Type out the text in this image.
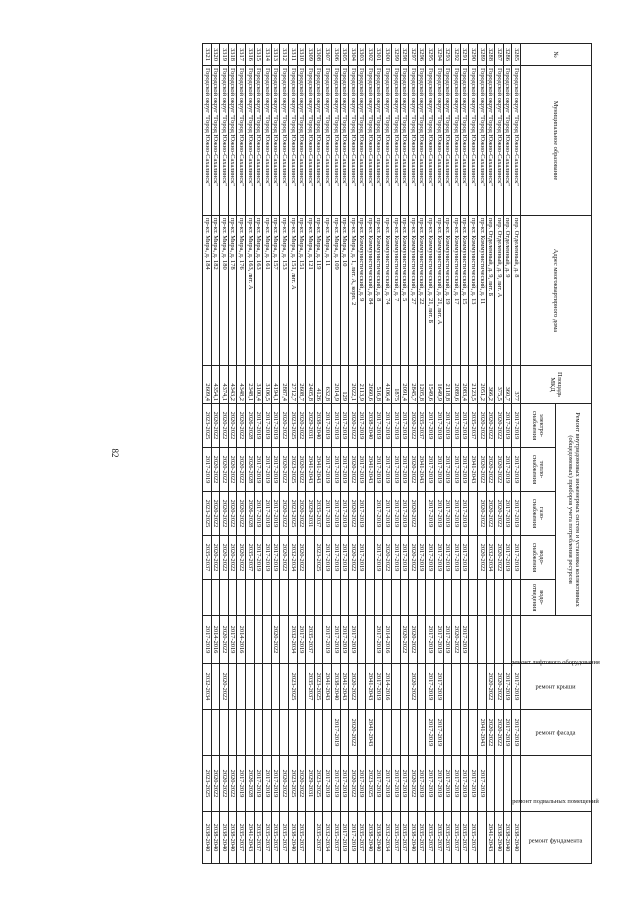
82
№	Муниципальное образование	Адрес многоквартирного дома	Площадь МКД	Ремонт внутридомовых инженерных систем и установка коллективных (общедомовых) приборов учета потребления ресурсов					ремонт лифтового оборудования	ремонт крыши	ремонт фасада	ремонт подвальных помещений	ремонт фундамента
				электро-снабжения	тепло-снабжения	газо-снабжения	водо-снабжения	водо-отведения					
3285	Городской округ "Город Южно-Сахалинск"	пер. Отделенный, д. 8	377	2017-2019	2017-2019	2017-2019	2017-2019			2017-2019	2017-2019		2038-2040
3286	Городской округ "Город Южно-Сахалинск"	пер. Отделенный, д. 9	360,7	2017-2019	2017-2019	2017-2019	2017-2019			2017-2019	2017-2019		2038-2040
3287	Городской округ "Город Южно-Сахалинск"	пер. Отделенный, д. 9, лит. А	375,5	2020-2022	2020-2022	2020-2022	2020-2022			2020-2022	2020-2022		2038-2040
3288	Городской округ "Город Южно-Сахалинск"	пер. Отделенный, д. 9, лит. Б	366,2	2020-2022	2020-2022	2020-2022	2032-2034			2020-2022	2020-2022		2041-2043
3289	Городской округ "Город Южно-Сахалинск"	пр-кт. Коммунистический, д. 11	2051,2	2020-2022	2020-2022	2020-2022	2020-2022				2041-2043	2017-2019	
3290	Городской округ "Город Южно-Сахалинск"	пр-кт. Коммунистический, д. 13	2123,5	2035-2037	2041-2043							2017-2019	2035-2037
3291	Городской округ "Город Южно-Сахалинск"	пр-кт. Коммунистический, д. 15	2083,4	2017-2019	2017-2019	2017-2019	2017-2019		2017-2019			2017-2019	2035-2037
3292	Городской округ "Город Южно-Сахалинск"	пр-кт. Коммунистический, д. 17	2089,6	2017-2019	2017-2019	2017-2019	2017-2019		2020-2022			2017-2019	2035-2037
3293	Городской округ "Город Южно-Сахалинск"	пр-кт. Коммунистический, д. 19	2118,8	2017-2019	2017-2019	2017-2019	2017-2019		2017-2019			2017-2019	2035-2037
3294	Городской округ "Город Южно-Сахалинск"	пр-кт. Коммунистический, д. 21, лит. А	1649,9	2017-2019	2017-2019	2017-2019	2017-2019		2017-2019	2017-2019	2017-2019	2017-2019	2035-2037
3295	Городской округ "Город Южно-Сахалинск"	пр-кт. Коммунистический, д. 21, лит. Б	1549,6	2017-2019	2017-2019	2017-2019	2017-2019		2017-2019	2017-2019	2017-2019	2017-2019	2035-2037
3296	Городской округ "Город Южно-Сахалинск"	пр-кт. Коммунистический, д. 22	1205,8	2035-2037	2041-2043		2017-2019					2017-2019	2035-2037
3297	Городской округ "Город Южно-Сахалинск"	пр-кт. Коммунистический, д. 27	2845,7	2020-2022	2020-2022	2020-2022	2020-2022		2020-2022	2020-2022		2020-2022	2038-2040
3298	Городской округ "Город Южно-Сахалинск"	пр-кт. Коммунистический, д. 5	2091,4	2017-2019	2017-2019	2017-2019	2017-2019		2020-2022			2017-2019	2035-2037
3299	Городской округ "Город Южно-Сахалинск"	пр-кт. Коммунистический, д. 7	1875	2017-2019	2017-2019	2017-2019	2017-2019					2017-2019	2035-2037
3300	Городской округ "Город Южно-Сахалинск"	пр-кт. Коммунистический, д. 74	4106,4	2017-2019	2017-2019	2017-2019	2020-2022		2014-2016	2014-2016		2017-2019	2032-2034
3301	Городской округ "Город Южно-Сахалинск"	пр-кт. Коммунистический, д. 8	516,8	2017-2019	2017-2019	2017-2019	2017-2019		2017-2019	2017-2019		2017-2019	2038-2040
3302	Городской округ "Город Южно-Сахалинск"	пр-кт. Коммунистический, д. 84	2660,6	2038-2040	2041-2043					2041-2043	2041-2043	2023-2025	2038-2040
3303	Городской округ "Город Южно-Сахалинск"	пр-кт. Коммунистический, д. 9	2113,9	2017-2019	2017-2019	2017-2019	2017-2019					2017-2019	2035-2037
3304	Городской округ "Город Южно-Сахалинск"	пр-кт. Мира, д. 1, лит. А, корп. 2	2022,1	2020-2022	2020-2022	2020-2022	2020-2022		2017-2019	2020-2022	2020-2022	2020-2022	2017-2019
3305	Городской округ "Город Южно-Сахалинск"	пр-кт. Мира, д. 10	129	2017-2019	2017-2019	2017-2019	2017-2019		2017-2019	2041-2043		2017-2019	2017-2019
3306	Городской округ "Город Южно-Сахалинск"	пр-кт. Мира, д. 109	2014,9	2017-2019	2017-2019	2017-2019	2017-2019		2017-2019	2038-2040	2017-2019	2017-2019	2035-2037
3307	Городской округ "Город Южно-Сахалинск"	пр-кт. Мира, д. 11	632,8	2017-2019	2017-2019	2017-2019	2017-2019		2017-2019	2041-2043		2017-2019	2032-2034
3308	Городской округ "Город Южно-Сахалинск"	пр-кт. Мира, д. 119	4126	2038-2040	2041-2043	2035-2037	2023-2025			2023-2025		2023-2025	2035-2037
3309	Городской округ "Город Южно-Сахалинск"	пр-кт. Мира, д. 121	2405,8	2029-2031	2041-2043	2029-2031			2035-2037	2035-2037		2029-2031	
3310	Городской округ "Город Южно-Сахалинск"	пр-кт. Мира, д. 151	2608,7	2020-2022	2020-2022	2020-2022	2020-2022		2017-2019			2020-2022	2035-2037
3311	Городской округ "Город Южно-Сахалинск"	пр-кт. Мира, д. 151, лит. А	2712,7	2023-2025	2023-2025	2023-2025	2032-2034		2032-2034	2023-2025		2023-2025	2038-2040
3312	Городской округ "Город Южно-Сахалинск"	пр-кт. Мира, д. 153	2887,4	2020-2022	2020-2022	2020-2022	2020-2022					2020-2022	2035-2037
3313	Городской округ "Город Южно-Сахалинск"	пр-кт. Мира, д. 157	4194,1	2017-2019	2017-2019	2017-2019	2017-2019		2020-2022			2017-2019	2035-2037
3314	Городской округ "Город Южно-Сахалинск"	пр-кт. Мира, д. 161	3106,5	2017-2019	2017-2019	2017-2019	2017-2019					2017-2019	2035-2037
3315	Городской округ "Город Южно-Сахалинск"	пр-кт. Мира, д. 163	3100,4	2017-2019	2017-2019	2017-2019	2017-2019					2017-2019	2035-2037
3316	Городской округ "Город Южно-Сахалинск"	пр-кт. Мира, д. 163, лит. А	2348,1	2026-2028	2026-2028	2026-2028	2035-2037					2026-2028	2041-2043
3317	Городской округ "Город Южно-Сахалинск"	пр-кт. Мира, д. 176	4348,2	2020-2022	2020-2022	2020-2022	2020-2022		2014-2016			2017-2019	2035-2037
3318	Городской округ "Город Южно-Сахалинск"	пр-кт. Мира, д. 178	4343,2	2020-2022	2020-2022	2020-2022	2020-2022		2017-2019			2020-2022	2038-2040
3319	Городской округ "Город Южно-Сахалинск"	пр-кт. Мира, д. 180	4374,1	2020-2022	2020-2022	2020-2022	2020-2022		2020-2022	2020-2022		2020-2022	2038-2040
3320	Городской округ "Город Южно-Сахалинск"	пр-кт. Мира, д. 182	4354,1	2020-2022	2020-2022	2020-2022	2020-2022		2014-2016			2020-2022	2038-2040
3321	Городской округ "Город Южно-Сахалинск"	пр-кт. Мира, д. 184	2609,4	2023-2025	2017-2019	2023-2025	2035-2037		2017-2019	2032-2034		2023-2025	2038-2040
